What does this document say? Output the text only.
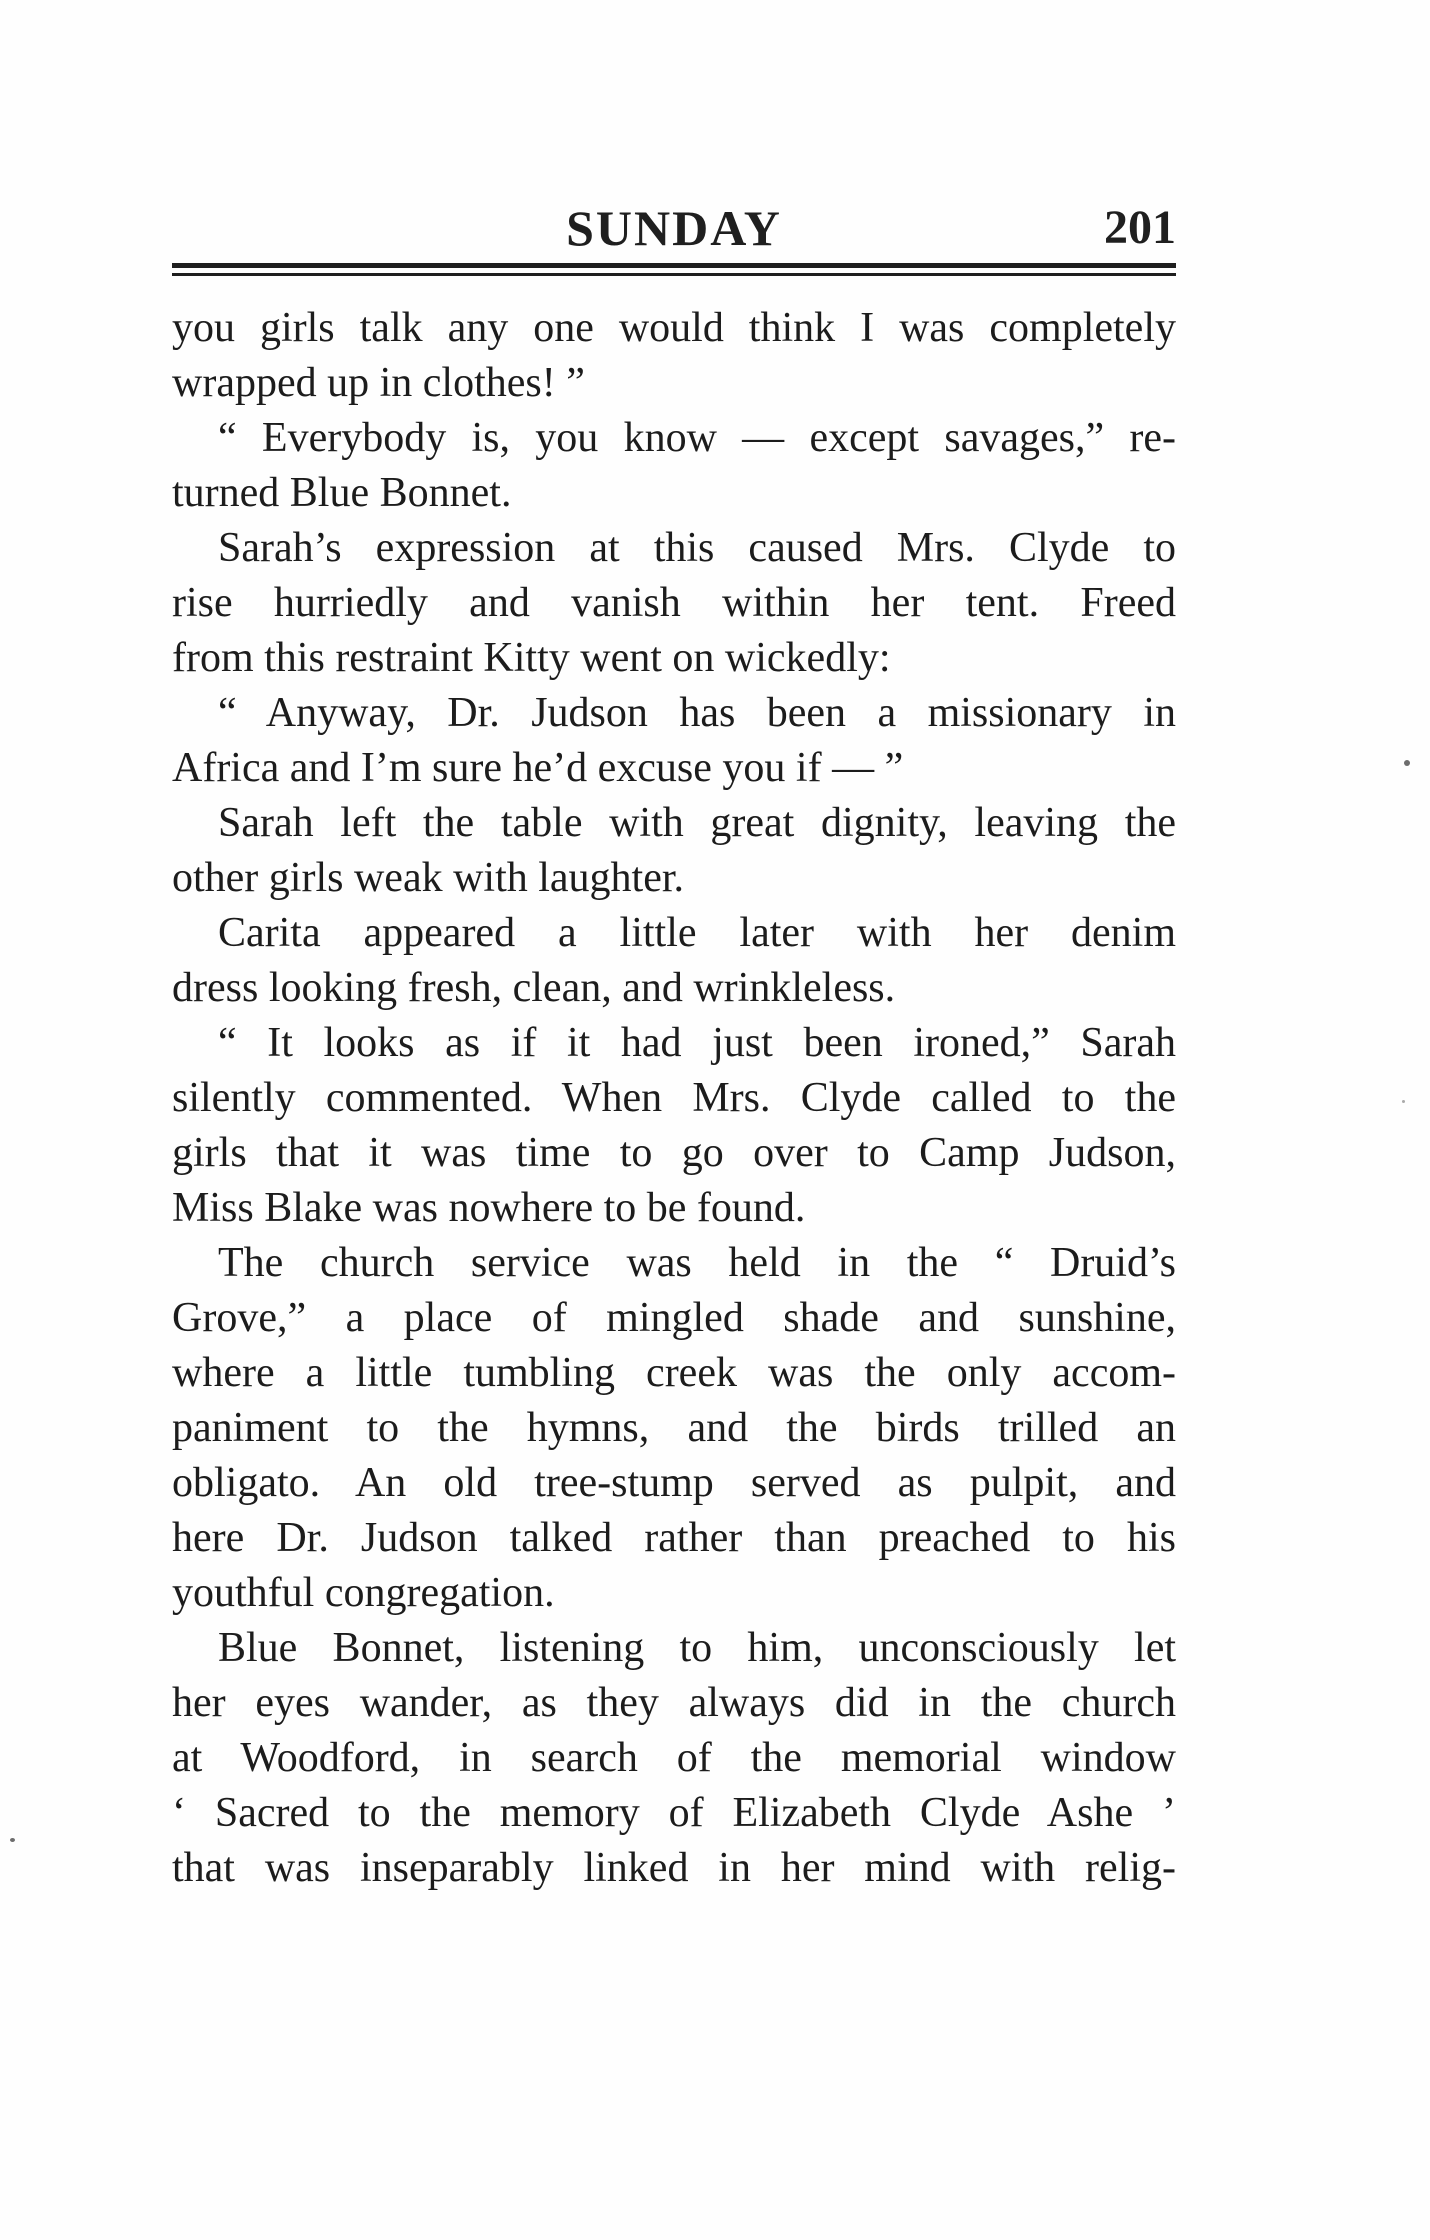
SUNDAY	201
you girls talk any one would think I was completely
wrapped up in clothes! ”
“ Everybody is, you know — except savages,” re-
turned Blue Bonnet.
Sarah’s expression at this caused Mrs. Clyde to
rise hurriedly and vanish within her tent. Freed
from this restraint Kitty went on wickedly:
“ Anyway, Dr. Judson has been a missionary in
Africa and I’m sure he’d excuse you if — ”
Sarah left the table with great dignity, leaving the
other girls weak with laughter.
Carita appeared a little later with her denim
dress looking fresh, clean, and wrinkleless.
“ It looks as if it had just been ironed,” Sarah
silently commented. When Mrs. Clyde called to the
girls that it was time to go over to Camp Judson,
Miss Blake was nowhere to be found.
The church service was held in the “ Druid’s
Grove,” a place of mingled shade and sunshine,
where a little tumbling creek was the only accom-
paniment to the hymns, and the birds trilled an
obligato. An old tree-stump served as pulpit, and
here Dr. Judson talked rather than preached to his
youthful congregation.
Blue Bonnet, listening to him, unconsciously let
her eyes wander, as they always did in the church
at Woodford, in search of the memorial window
‘ Sacred to the memory of Elizabeth Clyde Ashe ’
that was inseparably linked in her mind with relig-
